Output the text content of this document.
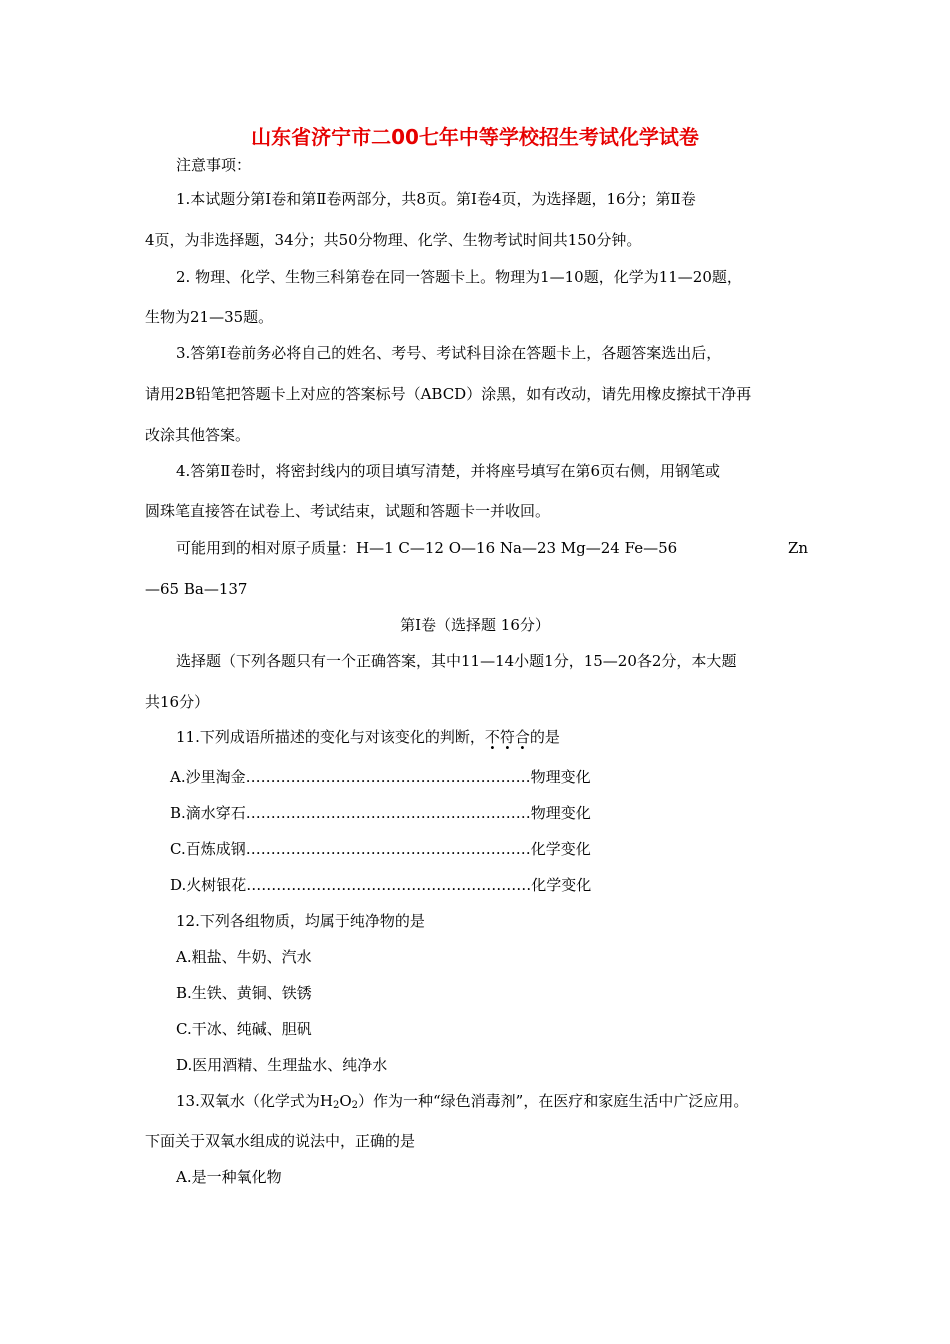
山东省济宁市二00七年中等学校招生考试化学试卷
注意事项：
1.本试题分第Ⅰ卷和第Ⅱ卷两部分，共8页。第Ⅰ卷4页，为选择题，16分；第Ⅱ卷
4页，为非选择题，34分；共50分物理、化学、生物考试时间共150分钟。
2. 物理、化学、生物三科第卷在同一答题卡上。物理为1—10题，化学为11—20题，
生物为21—35题。
3.答第Ⅰ卷前务必将自己的姓名、考号、考试科目涂在答题卡上，各题答案选出后，
请用2B铅笔把答题卡上对应的答案标号（ABCD）涂黑，如有改动，请先用橡皮擦拭干净再
改涂其他答案。
4.答第Ⅱ卷时，将密封线内的项目填写清楚，并将座号填写在第6页右侧，用钢笔或
圆珠笔直接答在试卷上、考试结束，试题和答题卡一并收回。
可能用到的相对原子质量：H—1 C—12 O—16 Na—23 Mg—24 Fe—56	Zn
—65 Ba—137
第Ⅰ卷（选择题 16分）
选择题（下列各题只有一个正确答案，其中11—14小题1分，15—20各2分，本大题
共16分）
11.下列成语所描述的变化与对该变化的判断，不符合的是
A.沙里淘金…………………………………………………物理变化
B.滴水穿石…………………………………………………物理变化
C.百炼成钢…………………………………………………化学变化
D.火树银花…………………………………………………化学变化
12.下列各组物质，均属于纯净物的是
A.粗盐、牛奶、汽水
B.生铁、黄铜、铁锈
C.干冰、纯碱、胆矾
D.医用酒精、生理盐水、纯净水
13.双氧水（化学式为$H_2O_2$）作为一种“绿色消毒剂”，在医疗和家庭生活中广泛应用。
下面关于双氧水组成的说法中，正确的是
A.是一种氧化物
